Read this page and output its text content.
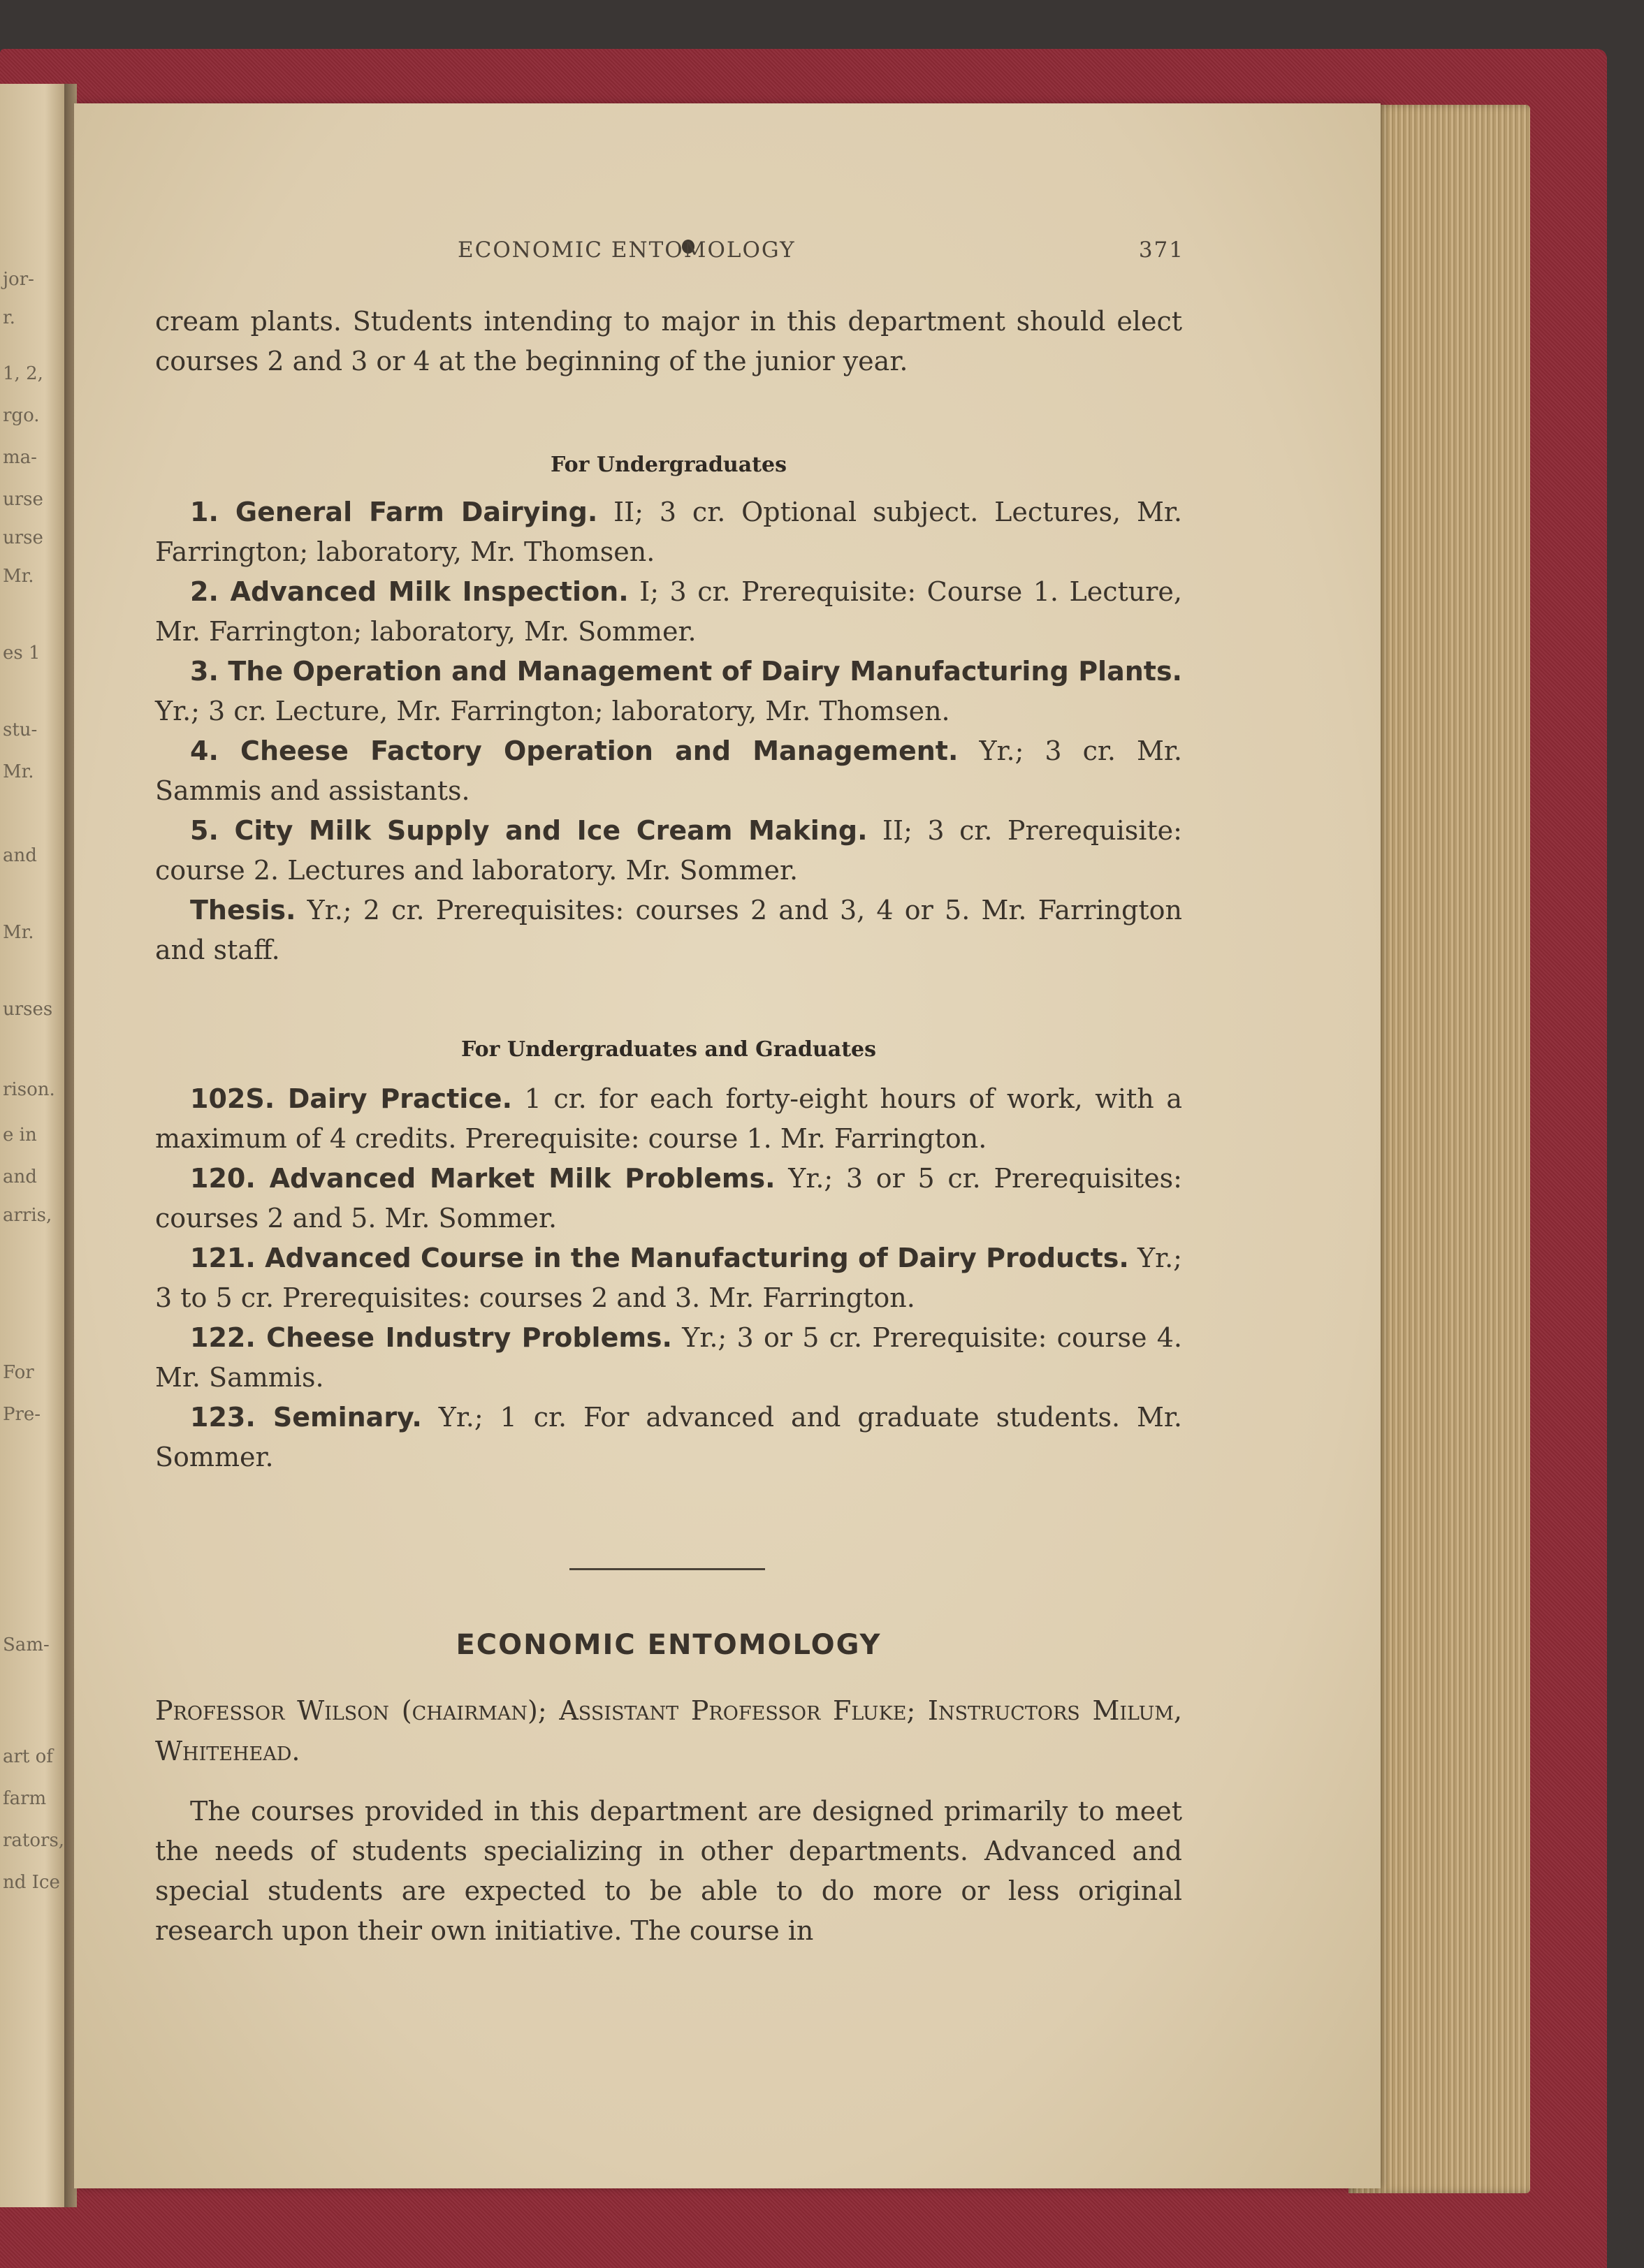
jor-
r.
1, 2,
rgo.
ma-
urse
urse
Mr.
es 1
stu-
Mr.
and
Mr.
urses
rison.
e in
and
arris,
For
Pre-
Sam-
art of
farm
rators,
nd Ice
ECONOMIC ENTOMOLOGY	371

cream plants. Students intending to major in this department should elect courses 2 and 3 or 4 at the beginning of the junior year.

For Undergraduates

1. General Farm Dairying. II; 3 cr. Optional subject. Lectures, Mr. Farrington; laboratory, Mr. Thomsen.

2. Advanced Milk Inspection. I; 3 cr. Prerequisite: Course 1. Lecture, Mr. Farrington; laboratory, Mr. Sommer.

3. The Operation and Management of Dairy Manufacturing Plants. Yr.; 3 cr. Lecture, Mr. Farrington; laboratory, Mr. Thomsen.

4. Cheese Factory Operation and Management. Yr.; 3 cr. Mr. Sammis and assistants.

5. City Milk Supply and Ice Cream Making. II; 3 cr. Prerequisite: course 2. Lectures and laboratory. Mr. Sommer.

Thesis. Yr.; 2 cr. Prerequisites: courses 2 and 3, 4 or 5. Mr. Farrington and staff.

For Undergraduates and Graduates

102S. Dairy Practice. 1 cr. for each forty-eight hours of work, with a maximum of 4 credits. Prerequisite: course 1. Mr. Farrington.

120. Advanced Market Milk Problems. Yr.; 3 or 5 cr. Prerequisites: courses 2 and 5. Mr. Sommer.

121. Advanced Course in the Manufacturing of Dairy Products. Yr.; 3 to 5 cr. Prerequisites: courses 2 and 3. Mr. Farrington.

122. Cheese Industry Problems. Yr.; 3 or 5 cr. Prerequisite: course 4. Mr. Sammis.

123. Seminary. Yr.; 1 cr. For advanced and graduate students. Mr. Sommer.

ECONOMIC ENTOMOLOGY
Professor Wilson (chairman); Assistant Professor Fluke; Instructors Milum, Whitehead.
The courses provided in this department are designed primarily to meet the needs of students specializing in other departments. Advanced and special students are expected to be able to do more or less original research upon their own initiative. The course in
